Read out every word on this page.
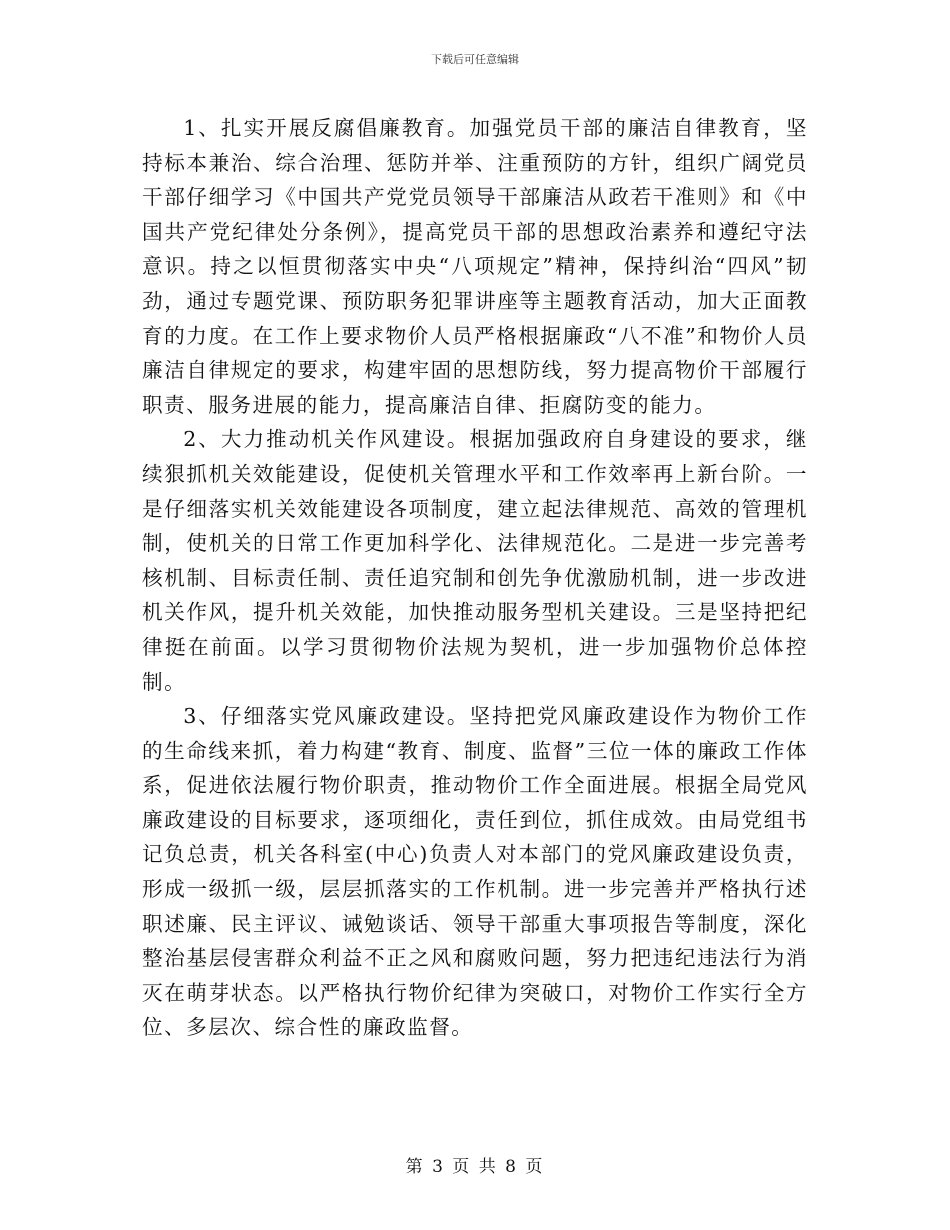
下载后可任意编辑

1、扎实开展反腐倡廉教育。加强党员干部的廉洁自律教育，坚持标本兼治、综合治理、惩防并举、注重预防的方针，组织广阔党员干部仔细学习《中国共产党党员领导干部廉洁从政若干准则》和《中国共产党纪律处分条例》，提高党员干部的思想政治素养和遵纪守法意识。持之以恒贯彻落实中央“八项规定”精神，保持纠治“四风”韧劲，通过专题党课、预防职务犯罪讲座等主题教育活动，加大正面教育的力度。在工作上要求物价人员严格根据廉政“八不准”和物价人员廉洁自律规定的要求，构建牢固的思想防线，努力提高物价干部履行职责、服务进展的能力，提高廉洁自律、拒腐防变的能力。

2、大力推动机关作风建设。根据加强政府自身建设的要求，继续狠抓机关效能建设，促使机关管理水平和工作效率再上新台阶。一是仔细落实机关效能建设各项制度，建立起法律规范、高效的管理机制，使机关的日常工作更加科学化、法律规范化。二是进一步完善考核机制、目标责任制、责任追究制和创先争优激励机制，进一步改进机关作风，提升机关效能，加快推动服务型机关建设。三是坚持把纪律挺在前面。以学习贯彻物价法规为契机，进一步加强物价总体控制。

3、仔细落实党风廉政建设。坚持把党风廉政建设作为物价工作的生命线来抓，着力构建“教育、制度、监督”三位一体的廉政工作体系，促进依法履行物价职责，推动物价工作全面进展。根据全局党风廉政建设的目标要求，逐项细化，责任到位，抓住成效。由局党组书记负总责，机关各科室(中心)负责人对本部门的党风廉政建设负责，形成一级抓一级，层层抓落实的工作机制。进一步完善并严格执行述职述廉、民主评议、诫勉谈话、领导干部重大事项报告等制度，深化整治基层侵害群众利益不正之风和腐败问题，努力把违纪违法行为消灭在萌芽状态。以严格执行物价纪律为突破口，对物价工作实行全方位、多层次、综合性的廉政监督。

第 3 页 共 8 页
